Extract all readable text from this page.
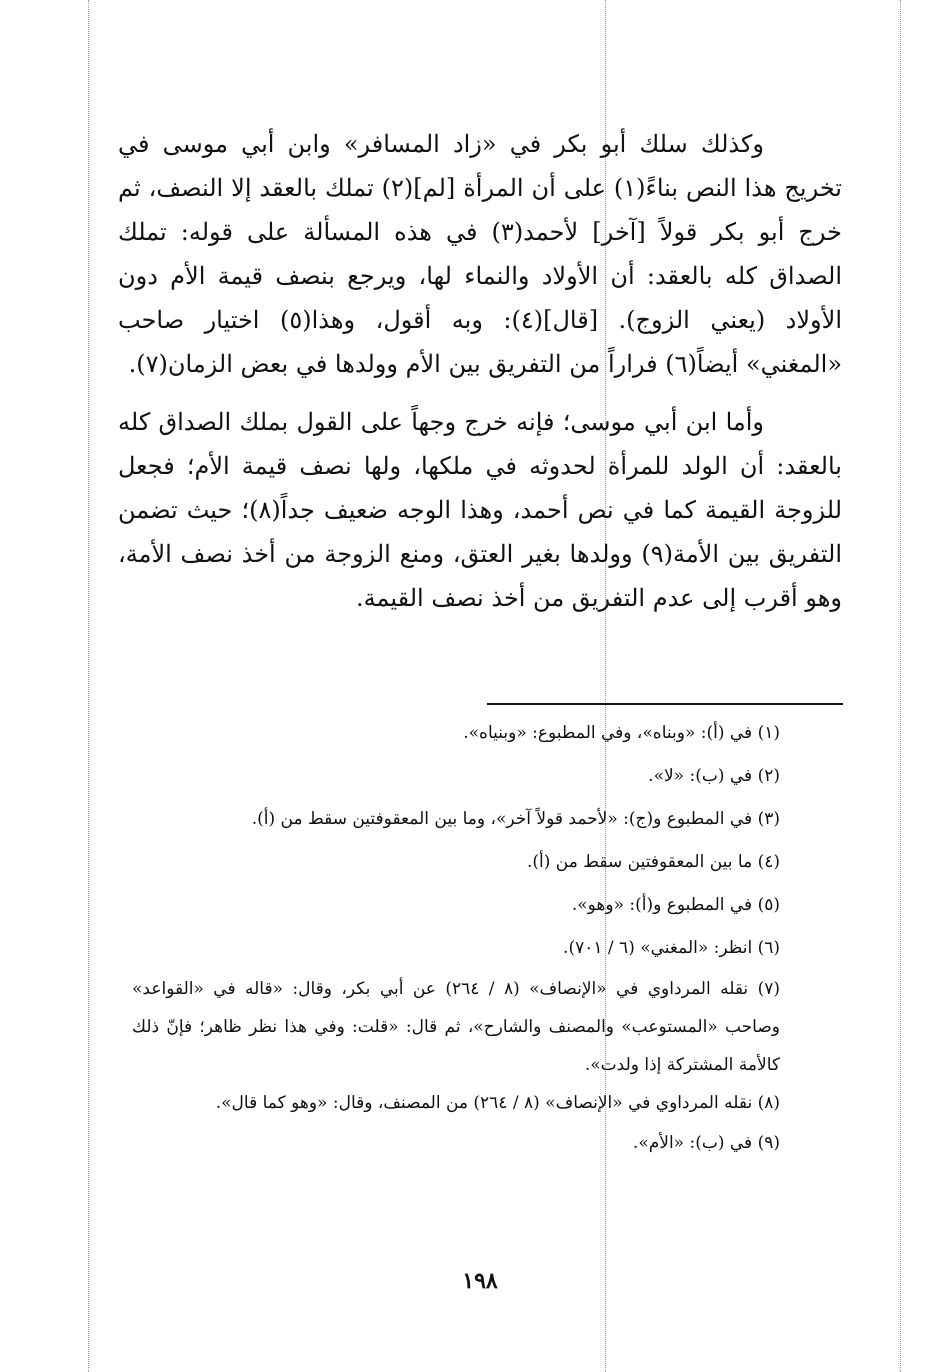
وكذلك سلك أبو بكر في «زاد المسافر» وابن أبي موسى في تخريج هذا النص بناءً(١) على أن المرأة [لم](٢) تملك بالعقد إلا النصف، ثم خرج أبو بكر قولاً [آخر] لأحمد(٣) في هذه المسألة على قوله: تملك الصداق كله بالعقد: أن الأولاد والنماء لها، ويرجع بنصف قيمة الأم دون الأولاد (يعني الزوج). [قال](٤): وبه أقول، وهذا(٥) اختيار صاحب «المغني» أيضاً(٦) فراراً من التفريق بين الأم وولدها في بعض الزمان(٧).

وأما ابن أبي موسى؛ فإنه خرج وجهاً على القول بملك الصداق كله بالعقد: أن الولد للمرأة لحدوثه في ملكها، ولها نصف قيمة الأم؛ فجعل للزوجة القيمة كما في نص أحمد، وهذا الوجه ضعيف جداً(٨)؛ حيث تضمن التفريق بين الأمة(٩) وولدها بغير العتق، ومنع الزوجة من أخذ نصف الأمة، وهو أقرب إلى عدم التفريق من أخذ نصف القيمة.

(١) في (أ): «وبناه»، وفي المطبوع: «وبنياه».

(٢) في (ب): «لا».

(٣) في المطبوع و(ج): «لأحمد قولاً آخر»، وما بين المعقوفتين سقط من (أ).

(٤) ما بين المعقوفتين سقط من (أ).

(٥) في المطبوع و(أ): «وهو».

(٦) انظر: «المغني» (٦ / ٧٠١).

(٧) نقله المرداوي في «الإنصاف» (٨ / ٢٦٤) عن أبي بكر، وقال: «قاله في «القواعد» وصاحب «المستوعب» والمصنف والشارح»، ثم قال: «قلت: وفي هذا نظر ظاهر؛ فإنّ ذلك كالأمة المشتركة إذا ولدت».

(٨) نقله المرداوي في «الإنصاف» (٨ / ٢٦٤) من المصنف، وقال: «وهو كما قال».

(٩) في (ب): «الأم».

١٩٨
